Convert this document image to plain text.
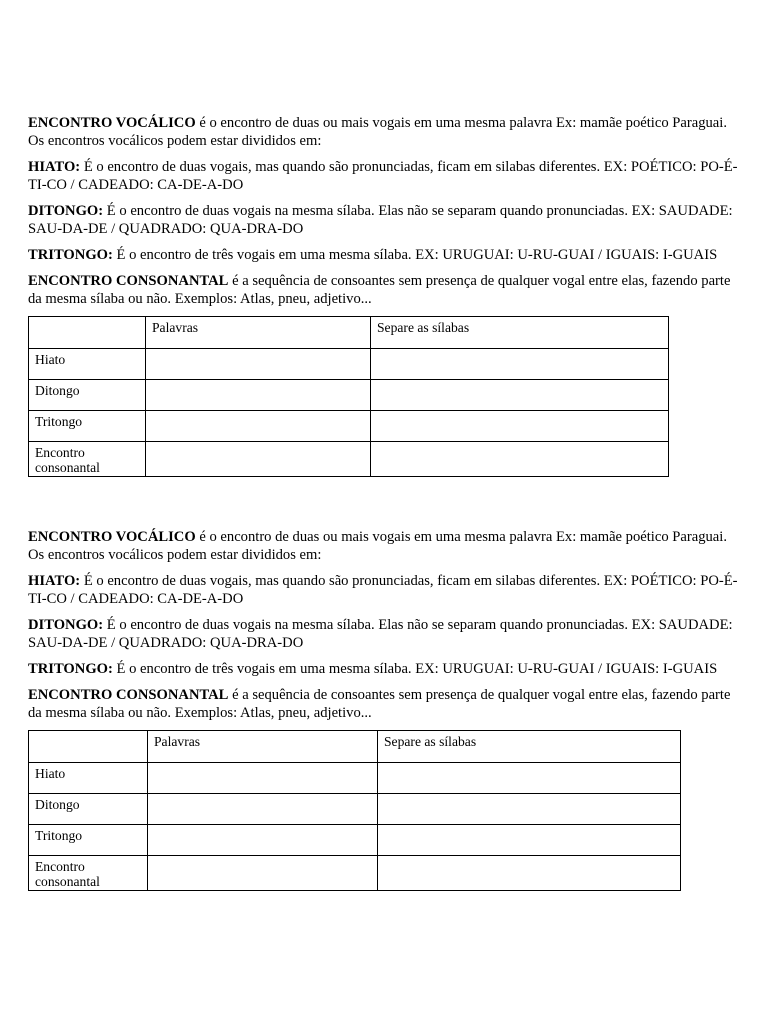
ENCONTRO VOCÁLICO é o encontro de duas ou mais vogais em uma mesma palavra Ex: mamãe poético Paraguai. Os encontros vocálicos podem estar divididos em:

HIATO: É o encontro de duas vogais, mas quando são pronunciadas, ficam em silabas diferentes. EX: POÉTICO: PO-É-TI-CO / CADEADO: CA-DE-A-DO

DITONGO: É o encontro de duas vogais na mesma sílaba. Elas não se separam quando pronunciadas. EX: SAUDADE: SAU-DA-DE / QUADRADO: QUA-DRA-DO

TRITONGO: É o encontro de três vogais em uma mesma sílaba. EX: URUGUAI: U-RU-GUAI / IGUAIS: I-GUAIS

ENCONTRO CONSONANTAL é a sequência de consoantes sem presença de qualquer vogal entre elas, fazendo parte da mesma sílaba ou não. Exemplos: Atlas, pneu, adjetivo...

	Palavras	Separe as sílabas
Hiato		
Ditongo		
Tritongo		
Encontro consonantal		

ENCONTRO VOCÁLICO é o encontro de duas ou mais vogais em uma mesma palavra Ex: mamãe poético Paraguai. Os encontros vocálicos podem estar divididos em:

HIATO: É o encontro de duas vogais, mas quando são pronunciadas, ficam em silabas diferentes. EX: POÉTICO: PO-É-TI-CO / CADEADO: CA-DE-A-DO

DITONGO: É o encontro de duas vogais na mesma sílaba. Elas não se separam quando pronunciadas. EX: SAUDADE: SAU-DA-DE / QUADRADO: QUA-DRA-DO

TRITONGO: É o encontro de três vogais em uma mesma sílaba. EX: URUGUAI: U-RU-GUAI / IGUAIS: I-GUAIS

ENCONTRO CONSONANTAL é a sequência de consoantes sem presença de qualquer vogal entre elas, fazendo parte da mesma sílaba ou não. Exemplos: Atlas, pneu, adjetivo...

	Palavras	Separe as sílabas
Hiato		
Ditongo		
Tritongo		
Encontro consonantal		
